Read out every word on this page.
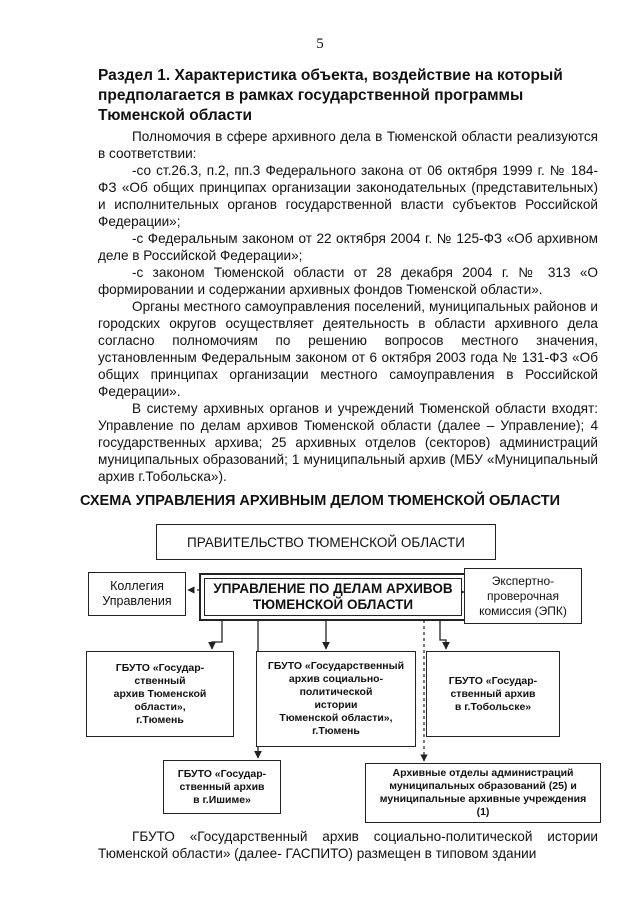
5
Раздел 1. Характеристика объекта, воздействие на который предполагается в рамках государственной программы Тюменской области

Полномочия в сфере архивного дела в Тюменской области реализуются в соответствии:

-со ст.26.3, п.2, пп.3 Федерального закона от 06 октября 1999 г. № 184-ФЗ «Об общих принципах организации законодательных (представительных) и исполнительных органов государственной власти субъектов Российской Федерации»;

-с Федеральным законом от 22 октября 2004 г. № 125-ФЗ «Об архивном деле в Российской Федерации»;

-с законом Тюменской области от 28 декабря 2004 г. № 313 «О формировании и содержании архивных фондов Тюменской области».

Органы местного самоуправления поселений, муниципальных районов и городских округов осуществляет деятельность в области архивного дела согласно полномочиям по решению вопросов местного значения, установленным Федеральным законом от 6 октября 2003 года № 131-ФЗ «Об общих принципах организации местного самоуправления в Российской Федерации».

В систему архивных органов и учреждений Тюменской области входят: Управление по делам архивов Тюменской области (далее – Управление); 4 государственных архива; 25 архивных отделов (секторов) администраций муниципальных образований; 1 муниципальный архив (МБУ «Муниципальный архив г.Тобольска»).

СХЕМА УПРАВЛЕНИЯ АРХИВНЫМ ДЕЛОМ ТЮМЕНСКОЙ ОБЛАСТИ
ПРАВИТЕЛЬСТВО ТЮМЕНСКОЙ ОБЛАСТИ
УПРАВЛЕНИЕ ПО ДЕЛАМ АРХИВОВ
ТЮМЕНСКОЙ ОБЛАСТИ
Коллегия
Управления
Экспертно-
проверочная
комиссия (ЭПК)
ГБУТО «Государ-
ственный
архив Тюменской
области»,
г.Тюмень
ГБУТО «Государственный
архив социально-
политической
истории
Тюменской области»,
г.Тюмень
ГБУТО «Государ-
ственный архив
в г.Тобольске»
ГБУТО «Государ-
ственный архив
в г.Ишиме»
Архивные отделы администраций
муниципальных образований (25) и
муниципальные архивные учреждения
(1)

ГБУТО «Государственный архив социально-политической истории Тюменской области» (далее- ГАСПИТО) размещен в типовом здании
